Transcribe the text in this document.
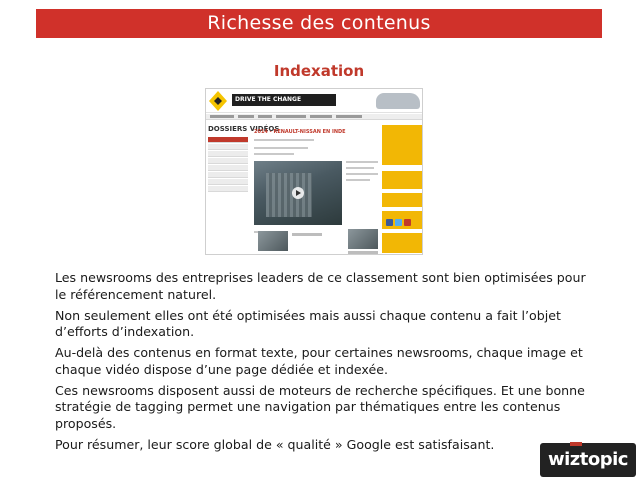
Richesse des contenus
Indexation
DRIVE THE CHANGE
DOSSIERS VIDÉOS
2014 - RENAULT-NISSAN EN INDE

Les newsrooms des entreprises leaders de ce classement sont bien optimisées pour le référencement naturel.

Non seulement elles ont été optimisées mais aussi chaque contenu a fait l’objet d’efforts d’indexation.

Au-delà des contenus en format texte, pour certaines newsrooms, chaque image et chaque vidéo dispose d’une page dédiée et indexée.

Ces newsrooms disposent aussi de moteurs de recherche spécifiques. Et une bonne stratégie de tagging permet une navigation par thématiques entre les contenus proposés.

Pour résumer, leur score global de « qualité » Google est satisfaisant.

wiztopic
